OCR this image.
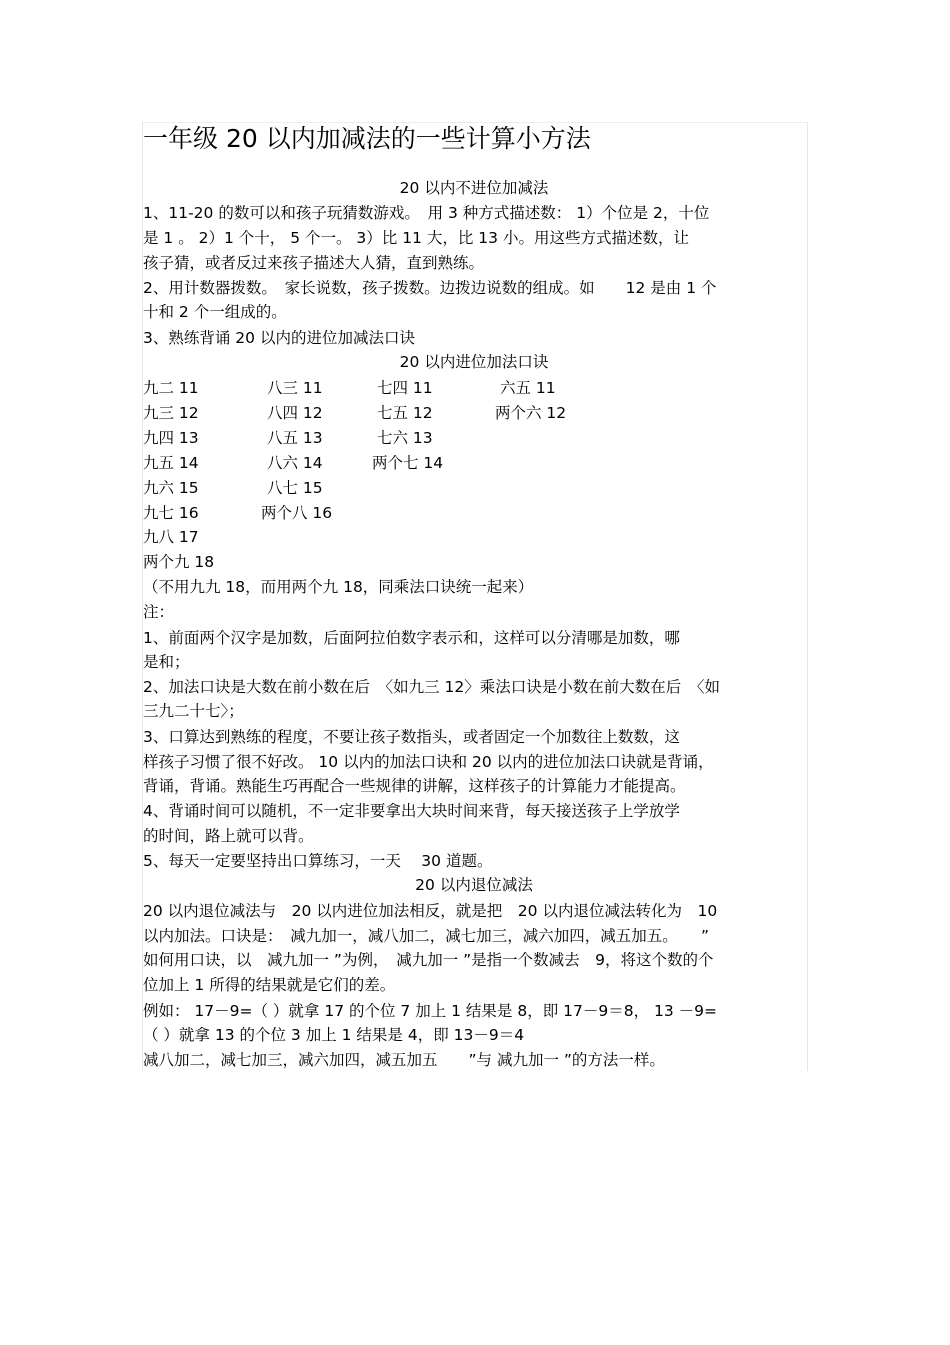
一年级 20 以内加减法的一些计算小方法
20 以内不进位加减法
1、11-20 的数可以和孩子玩猜数游戏。　用 3 种方式描述数： 1）个位是 2，十位
是 1 。 2）1 个十， 5 个一。 3）比 11 大，比 13 小。用这些方式描述数，让
孩子猜，或者反过来孩子描述大人猜，直到熟练。
2、用计数器拨数。　家长说数，孩子拨数。边拨边说数的组成。如　　12 是由 1 个
十和 2 个一组成的。
3、熟练背诵 20 以内的进位加减法口诀
20 以内进位加法口诀
九二 11
九三 12
九四 13
九五 14
九六 15
九七 16
九八 17
两个九 18
八三 11
八四 12
八五 13
八六 14
八七 15
两个八 16
七四 11
七五 12
七六 13
两个七 14
六五 11
两个六 12
（不用九九 18，而用两个九 18，同乘法口诀统一起来）
注：
1、前面两个汉字是加数，后面阿拉伯数字表示和，这样可以分清哪是加数，哪
是和；
2、加法口诀是大数在前小数在后　〈如九三 12〉乘法口诀是小数在前大数在后　〈如
三九二十七〉；
3、口算达到熟练的程度，不要让孩子数指头，或者固定一个加数往上数数，这
样孩子习惯了很不好改。 10 以内的加法口诀和 20 以内的进位加法口诀就是背诵，
背诵，背诵。熟能生巧再配合一些规律的讲解，这样孩子的计算能力才能提高。
4、背诵时间可以随机，不一定非要拿出大块时间来背，每天接送孩子上学放学
的时间，路上就可以背。
5、每天一定要坚持出口算练习，一天　 30 道题。
20 以内退位减法
20 以内退位减法与　20 以内进位加法相反，就是把　20 以内退位减法转化为　10
以内加法。口诀是：　减九加一，减八加二，减七加三，减六加四，减五加五。　　”
如何用口诀，以　减九加一 ”为例，　减九加一 ”是指一个数减去　9，将这个数的个
位加上 1 所得的结果就是它们的差。
例如： 17－9=（ ）就拿 17 的个位 7 加上 1 结果是 8，即 17－9＝8， 13 －9=
（ ）就拿 13 的个位 3 加上 1 结果是 4，即 13－9＝4
减八加二，减七加三，减六加四，减五加五　　”与 减九加一 ”的方法一样。
